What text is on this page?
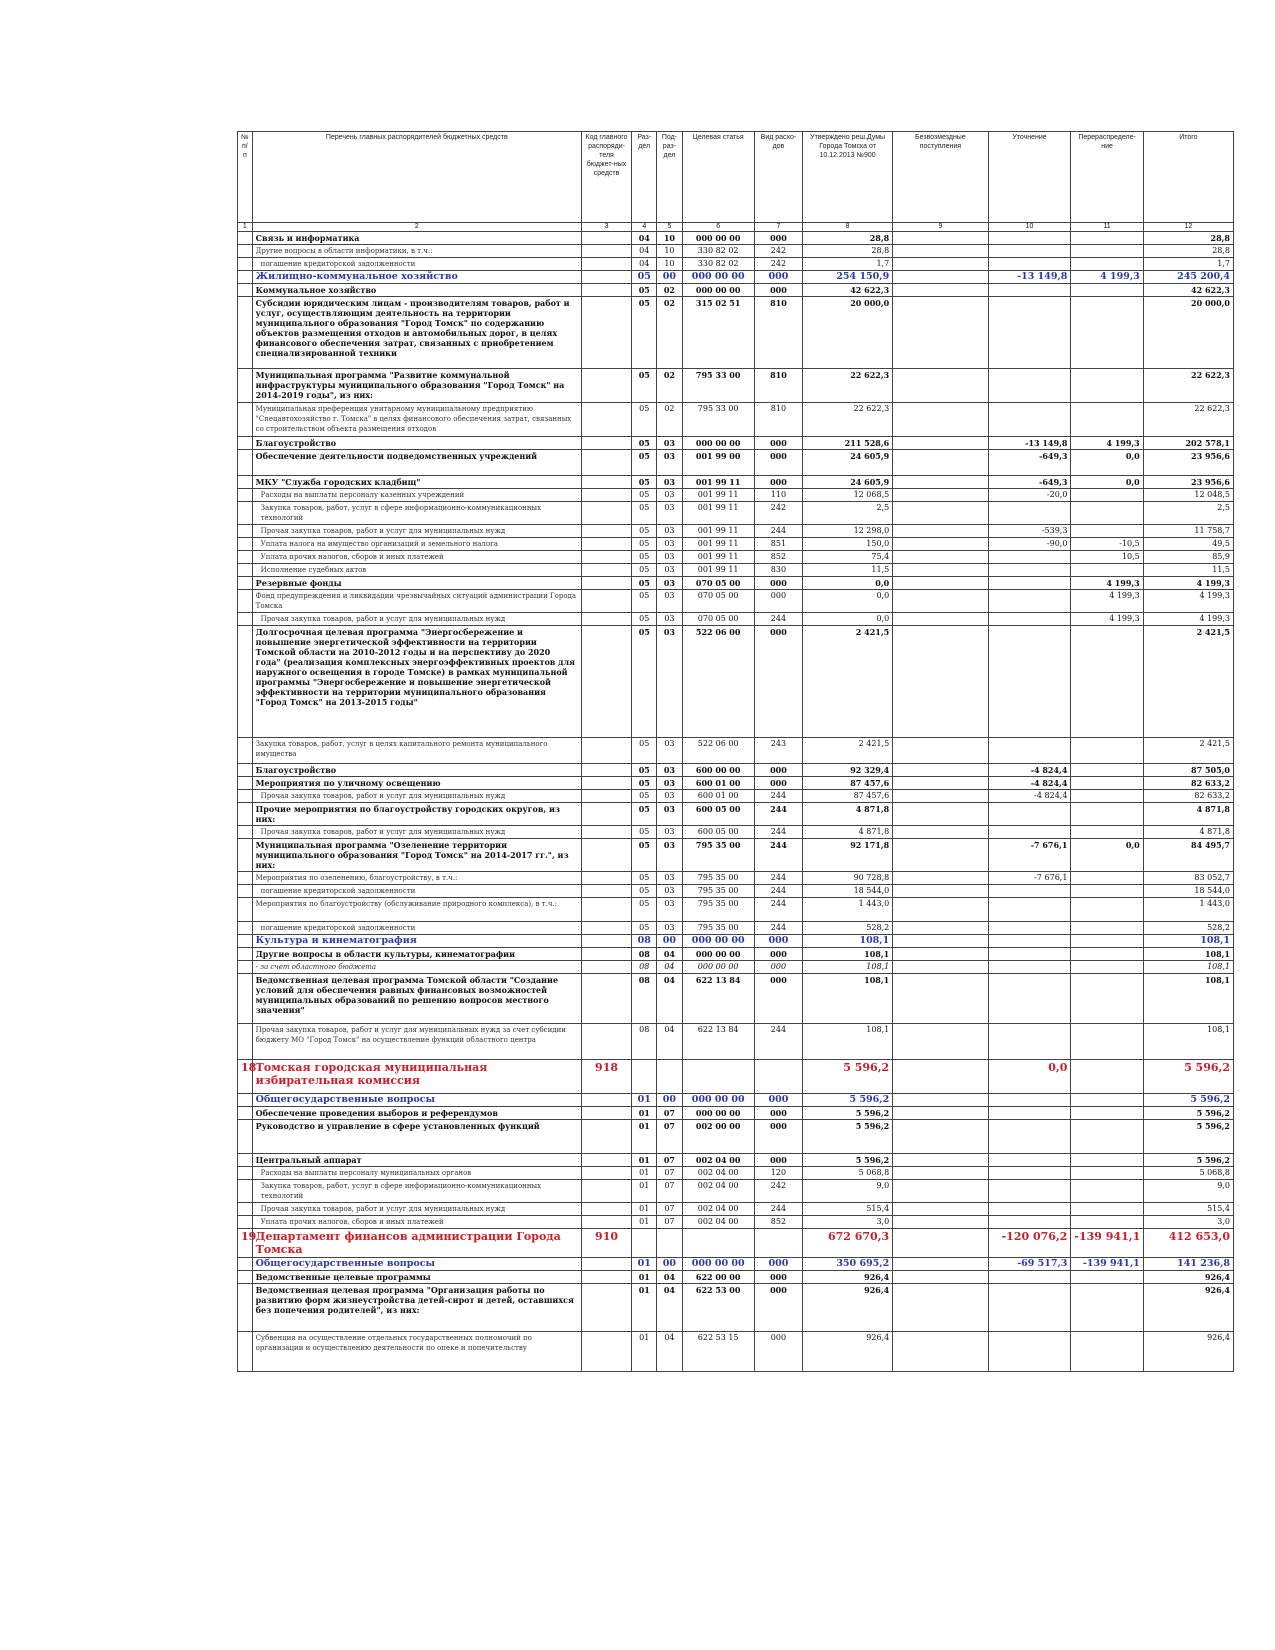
№ п/п	Перечень главных распорядителей бюджетных средств	Код главного распоряди-теля бюджет-ных средств	Раз-дел	Под-раз-дел	Целевая статья	Вид расхо-дов	Утверждено реш.Думы Города Томска от 10.12.2013 №900	Безвозмездные поступления	Уточнение	Перераспределе-ние	Итого
1	2	3	4	5	6	7	8	9	10	11	12
	Связь и информатика		04	10	000 00 00	000	28,8				28,8
	Другие вопросы в области информатики, в т.ч.:		04	10	330 82 02	242	28,8				28,8
	погашение кредиторской задолженности		04	10	330 82 02	242	1,7				1,7
	Жилищно-коммунальное хозяйство		05	00	000 00 00	000	254 150,9		-13 149,8	4 199,3	245 200,4
	Коммунальное хозяйство		05	02	000 00 00	000	42 622,3				42 622,3
	Субсидии юридическим лицам - производителям товаров, работ и услуг, осуществляющим деятельность на территории муниципального образования "Город Томск" по содержанию объектов размещения отходов и автомобильных дорог, в целях финансового обеспечения затрат, связанных с приобретением специализированной техники		05	02	315 02 51	810	20 000,0				20 000,0
	Муниципальная программа "Развитие коммунальной инфраструктуры муниципального образования "Город Томск" на 2014-2019 годы", из них:		05	02	795 33 00	810	22 622,3				22 622,3
	Муниципальная преференция унитарному муниципальному предприятию "Спецавтохозяйство г. Томска" в целях финансового обеспечения затрат, связанных со строительством объекта размещения отходов		05	02	795 33 00	810	22 622,3				22 622,3
	Благоустройство		05	03	000 00 00	000	211 528,6		-13 149,8	4 199,3	202 578,1
	Обеспечение деятельности подведомственных учреждений		05	03	001 99 00	000	24 605,9		-649,3	0,0	23 956,6
	МКУ "Служба городских кладбищ"		05	03	001 99 11	000	24 605,9		-649,3	0,0	23 956,6
	Расходы на выплаты персоналу казенных учреждений		05	03	001 99 11	110	12 068,5		-20,0		12 048,5
	Закупка товаров, работ, услуг в сфере информационно-коммуникационных технологий		05	03	001 99 11	242	2,5				2,5
	Прочая закупка товаров, работ и услуг для муниципальных нужд		05	03	001 99 11	244	12 298,0		-539,3		11 758,7
	Уплата налога на имущество организаций и земельного налога		05	03	001 99 11	851	150,0		-90,0	-10,5	49,5
	Уплата прочих налогов, сборов и иных платежей		05	03	001 99 11	852	75,4			10,5	85,9
	Исполнение судебных актов		05	03	001 99 11	830	11,5				11,5
	Резервные фонды		05	03	070 05 00	000	0,0			4 199,3	4 199,3
	Фонд предупреждения и ликвидации чрезвычайных ситуаций администрации Города Томска		05	03	070 05 00	000	0,0			4 199,3	4 199,3
	Прочая закупка товаров, работ и услуг для муниципальных нужд		05	03	070 05 00	244	0,0			4 199,3	4 199,3
	Долгосрочная целевая программа "Энергосбережение и повышение энергетической эффективности на территории Томской области на 2010-2012 годы и на перспективу до 2020 года" (реализация комплексных энергоэффективных проектов для наружного освещения в городе Томске) в рамках муниципальной программы "Энергосбережение и повышение энергетической эффективности на территории муниципального образования "Город Томск" на 2013-2015 годы"		05	03	522 06 00	000	2 421,5				2 421,5
	Закупка товаров, работ, услуг в целях капитального ремонта муниципального имущества		05	03	522 06 00	243	2 421,5				2 421,5
	Благоустройство		05	03	600 00 00	000	92 329,4		-4 824,4		87 505,0
	Мероприятия по уличному освещению		05	03	600 01 00	000	87 457,6		-4 824,4		82 633,2
	Прочая закупка товаров, работ и услуг для муниципальных нужд		05	03	600 01 00	244	87 457,6		-4 824,4		82 633,2
	Прочие мероприятия по благоустройству городских округов, из них:		05	03	600 05 00	244	4 871,8				4 871,8
	Прочая закупка товаров, работ и услуг для муниципальных нужд		05	03	600 05 00	244	4 871,8				4 871,8
	Муниципальная программа "Озеленение территории муниципального образования "Город Томск" на 2014-2017 гг.", из них:		05	03	795 35 00	244	92 171,8		-7 676,1	0,0	84 495,7
	Мероприятия по озеленению, благоустройству, в т.ч.:		05	03	795 35 00	244	90 728,8		-7 676,1		83 052,7
	погашение кредиторской задолженности		05	03	795 35 00	244	18 544,0				18 544,0
	Мероприятия по благоустройству (обслуживание природного комплекса), в т.ч.:		05	03	795 35 00	244	1 443,0				1 443,0
	погашение кредиторской задолженности		05	03	795 35 00	244	528,2				528,2
	Культура и кинематография		08	00	000 00 00	000	108,1				108,1
	Другие вопросы в области культуры, кинематографии		08	04	000 00 00	000	108,1				108,1
	- за счет областного бюджета		08	04	000 00 00	000	108,1				108,1
	Ведомственная целевая программа Томской области "Создание условий для обеспечения равных финансовых возможностей муниципальных образований по решению вопросов местного значения"		08	04	622 13 84	000	108,1				108,1
	Прочая закупка товаров, работ и услуг для муниципальных нужд за счет субсидии бюджету МО "Город Томск" на осуществление функций областного центра		08	04	622 13 84	244	108,1				108,1
18	Томская городская муниципальная избирательная комиссия	918					5 596,2		0,0		5 596,2
	Общегосударственные вопросы		01	00	000 00 00	000	5 596,2				5 596,2
	Обеспечение проведения выборов и референдумов		01	07	000 00 00	000	5 596,2				5 596,2
	Руководство и управление в сфере установленных функций		01	07	002 00 00	000	5 596,2				5 596,2
	Центральный аппарат		01	07	002 04 00	000	5 596,2				5 596,2
	Расходы на выплаты персоналу муниципальных органов		01	07	002 04 00	120	5 068,8				5 068,8
	Закупка товаров, работ, услуг в сфере информационно-коммуникационных технологий		01	07	002 04 00	242	9,0				9,0
	Прочая закупка товаров, работ и услуг для муниципальных нужд		01	07	002 04 00	244	515,4				515,4
	Уплата прочих налогов, сборов и иных платежей		01	07	002 04 00	852	3,0				3,0
19	Департамент финансов администрации Города Томска	910					672 670,3		-120 076,2	-139 941,1	412 653,0
	Общегосударственные вопросы		01	00	000 00 00	000	350 695,2		-69 517,3	-139 941,1	141 236,8
	Ведомственные целевые программы		01	04	622 00 00	000	926,4				926,4
	Ведомственная целевая программа "Организация работы по развитию форм жизнеустройства детей-сирот и детей, оставшихся без попечения родителей", из них:		01	04	622 53 00	000	926,4				926,4
	Субвенция на осуществление отдельных государственных полномочий по организации и осуществлению деятельности по опеке и попечительству		01	04	622 53 15	000	926,4				926,4
